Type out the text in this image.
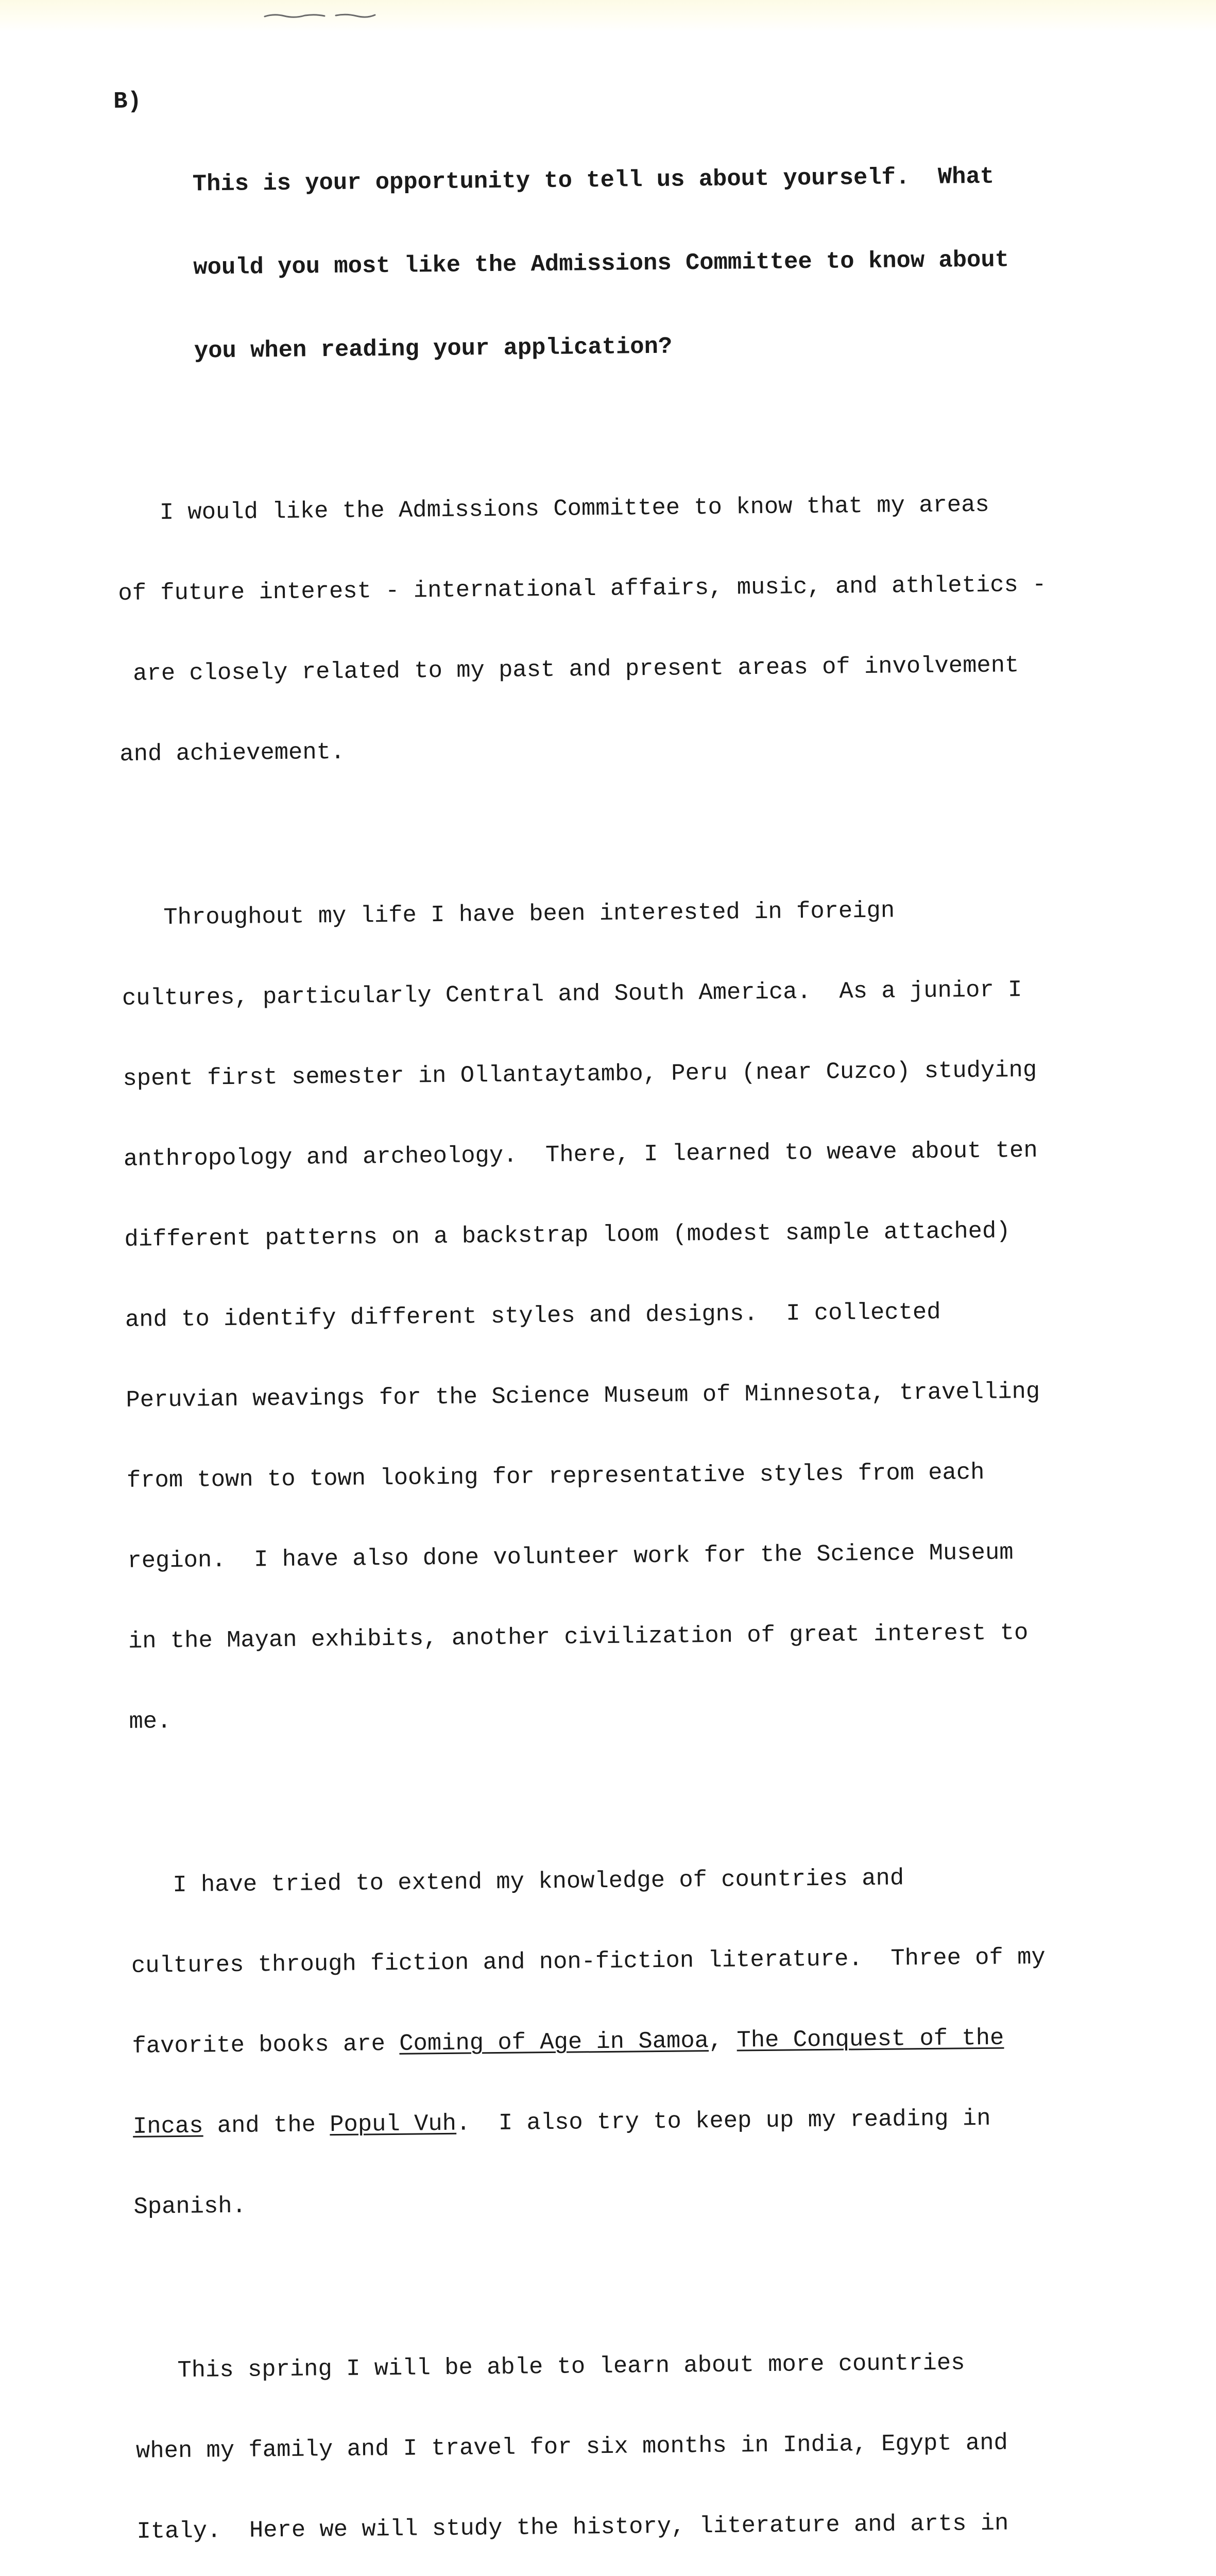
B)

This is your opportunity to tell us about yourself.  What

would you most like the Admissions Committee to know about

you when reading your application?

I would like the Admissions Committee to know that my areas

of future interest - international affairs, music, and athletics -

are closely related to my past and present areas of involvement

and achievement.

Throughout my life I have been interested in foreign

cultures, particularly Central and South America.  As a junior I

spent first semester in Ollantaytambo, Peru (near Cuzco) studying

anthropology and archeology.  There, I learned to weave about ten

different patterns on a backstrap loom (modest sample attached)

and to identify different styles and designs.  I collected

Peruvian weavings for the Science Museum of Minnesota, travelling

from town to town looking for representative styles from each

region.  I have also done volunteer work for the Science Museum

in the Mayan exhibits, another civilization of great interest to

me.

I have tried to extend my knowledge of countries and

cultures through fiction and non-fiction literature.  Three of my

favorite books are Coming of Age in Samoa, The Conquest of the

Incas and the Popul Vuh.  I also try to keep up my reading in

Spanish.

This spring I will be able to learn about more countries

when my family and I travel for six months in India, Egypt and

Italy.  Here we will study the history, literature and arts in
